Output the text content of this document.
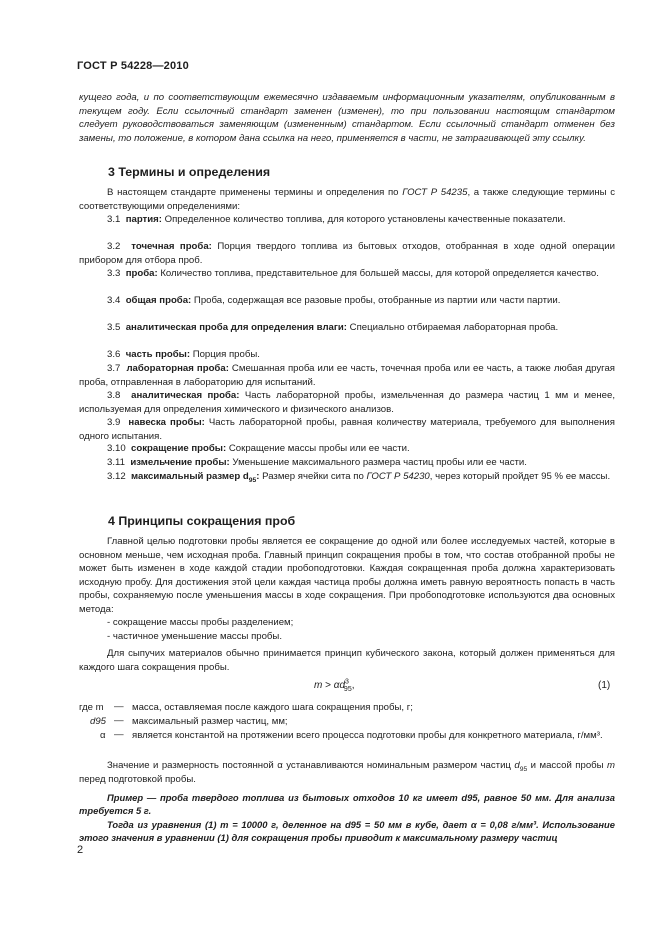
ГОСТ Р 54228—2010
кущего года, и по соответствующим ежемесячно издаваемым информационным указателям, опубликованным в текущем году. Если ссылочный стандарт заменен (изменен), то при пользовании настоящим стандартом следует руководствоваться заменяющим (измененным) стандартом. Если ссылочный стандарт отменен без замены, то положение, в котором дана ссылка на него, применяется в части, не затрагивающей эту ссылку.
3 Термины и определения
В настоящем стандарте применены термины и определения по ГОСТ Р 54235, а также следующие термины с соответствующими определениями:
3.1 партия: Определенное количество топлива, для которого установлены качественные показатели.
3.2 точечная проба: Порция твердого топлива из бытовых отходов, отобранная в ходе одной операции прибором для отбора проб.
3.3 проба: Количество топлива, представительное для большей массы, для которой определяется качество.
3.4 общая проба: Проба, содержащая все разовые пробы, отобранные из партии или части партии.
3.5 аналитическая проба для определения влаги: Специально отбираемая лабораторная проба.
3.6 часть пробы: Порция пробы.
3.7 лабораторная проба: Смешанная проба или ее часть, точечная проба или ее часть, а также любая другая проба, отправленная в лабораторию для испытаний.
3.8 аналитическая проба: Часть лабораторной пробы, измельченная до размера частиц 1 мм и менее, используемая для определения химического и физического анализов.
3.9 навеска пробы: Часть лабораторной пробы, равная количеству материала, требуемого для выполнения одного испытания.
3.10 сокращение пробы: Сокращение массы пробы или ее части.
3.11 измельчение пробы: Уменьшение максимального размера частиц пробы или ее части.
3.12 максимальный размер $d_{95}$: Размер ячейки сита по ГОСТ Р 54230, через который пройдет 95 % ее массы.
4 Принципы сокращения проб
Главной целью подготовки пробы является ее сокращение до одной или более исследуемых частей, которые в основном меньше, чем исходная проба. Главный принцип сокращения пробы в том, что состав отобранной пробы не может быть изменен в ходе каждой стадии пробоподготовки. Каждая сокращенная проба должна характеризовать исходную пробу. Для достижения этой цели каждая частица пробы должна иметь равную вероятность попасть в часть пробы, сохраняемую после уменьшения массы в ходе сокращения. При пробоподготовке используются два основных метода:
- сокращение массы пробы разделением;
- частичное уменьшение массы пробы.
Для сыпучих материалов обычно принимается принцип кубического закона, который должен применяться для каждого шага сокращения пробы.
$m > \alpha d^3_{95}$,	(1)
где m — масса, оставляемая после каждого шага сокращения пробы, г;
d95 — максимальный размер частиц, мм;
α — является константой на протяжении всего процесса подготовки пробы для конкретного материала, г/мм³.
Значение и размерность постоянной α устанавливаются номинальным размером частиц $d_{95}$ и массой пробы m перед подготовкой пробы.
Пример — проба твердого топлива из бытовых отходов 10 кг имеет d95, равное 50 мм. Для анализа требуется 5 г.
Тогда из уравнения (1) m = 10000 г, деленное на d95 = 50 мм в кубе, дает α = 0,08 г/мм³. Использование этого значения в уравнении (1) для сокращения пробы приводит к максимальному размеру частиц
2
